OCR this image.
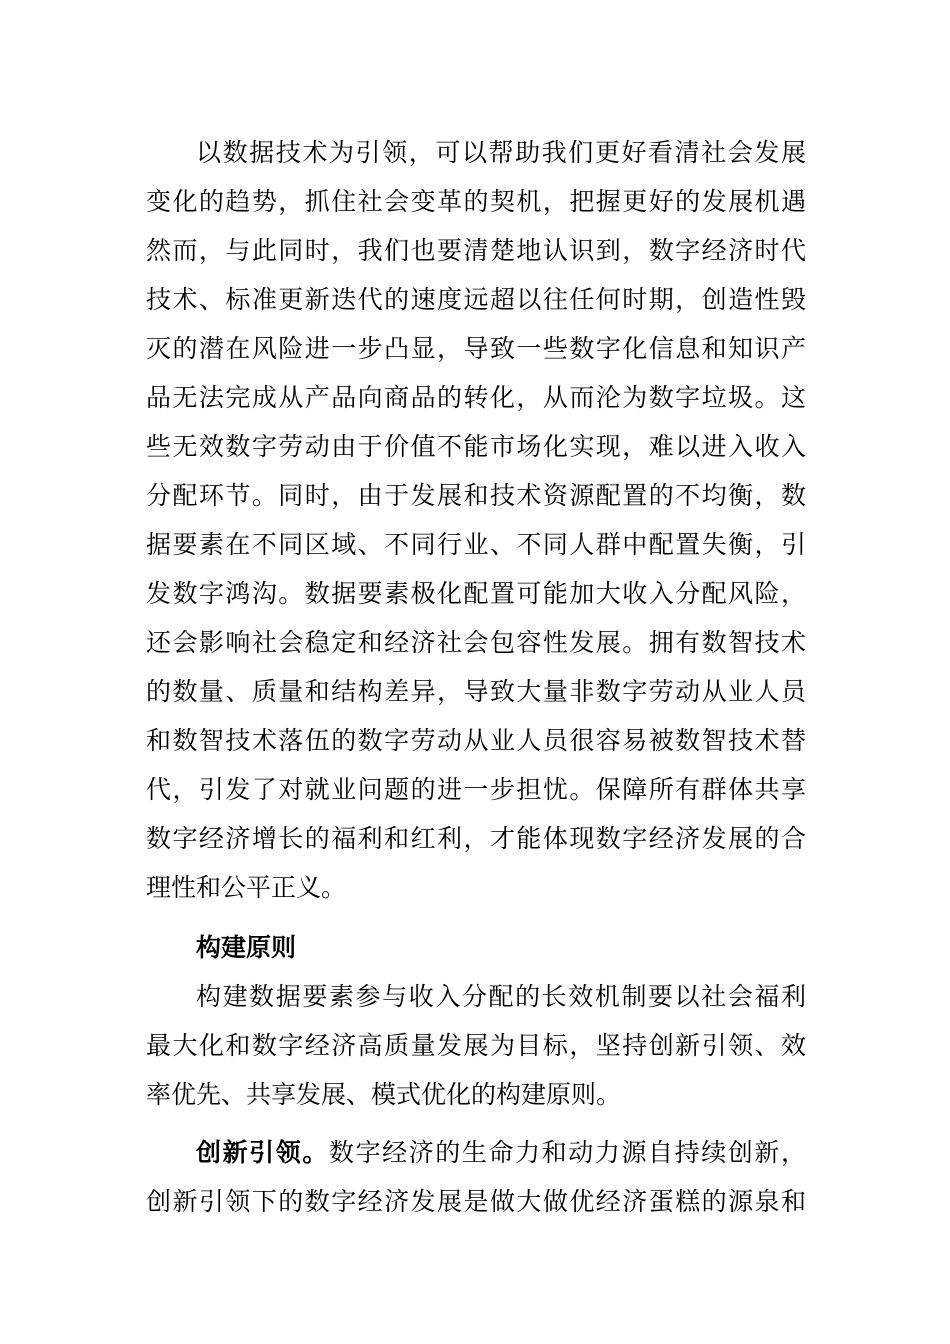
以数据技术为引领，可以帮助我们更好看清社会发展
变化的趋势，抓住社会变革的契机，把握更好的发展机遇
然而，与此同时，我们也要清楚地认识到，数字经济时代
技术、标准更新迭代的速度远超以往任何时期，创造性毁
灭的潜在风险进一步凸显，导致一些数字化信息和知识产
品无法完成从产品向商品的转化，从而沦为数字垃圾。这
些无效数字劳动由于价值不能市场化实现，难以进入收入
分配环节。同时，由于发展和技术资源配置的不均衡，数
据要素在不同区域、不同行业、不同人群中配置失衡，引
发数字鸿沟。数据要素极化配置可能加大收入分配风险，
还会影响社会稳定和经济社会包容性发展。拥有数智技术
的数量、质量和结构差异，导致大量非数字劳动从业人员
和数智技术落伍的数字劳动从业人员很容易被数智技术替
代，引发了对就业问题的进一步担忧。保障所有群体共享
数字经济增长的福利和红利，才能体现数字经济发展的合
理性和公平正义。
构建原则
构建数据要素参与收入分配的长效机制要以社会福利
最大化和数字经济高质量发展为目标，坚持创新引领、效
率优先、共享发展、模式优化的构建原则。
创新引领。数字经济的生命力和动力源自持续创新，
创新引领下的数字经济发展是做大做优经济蛋糕的源泉和
